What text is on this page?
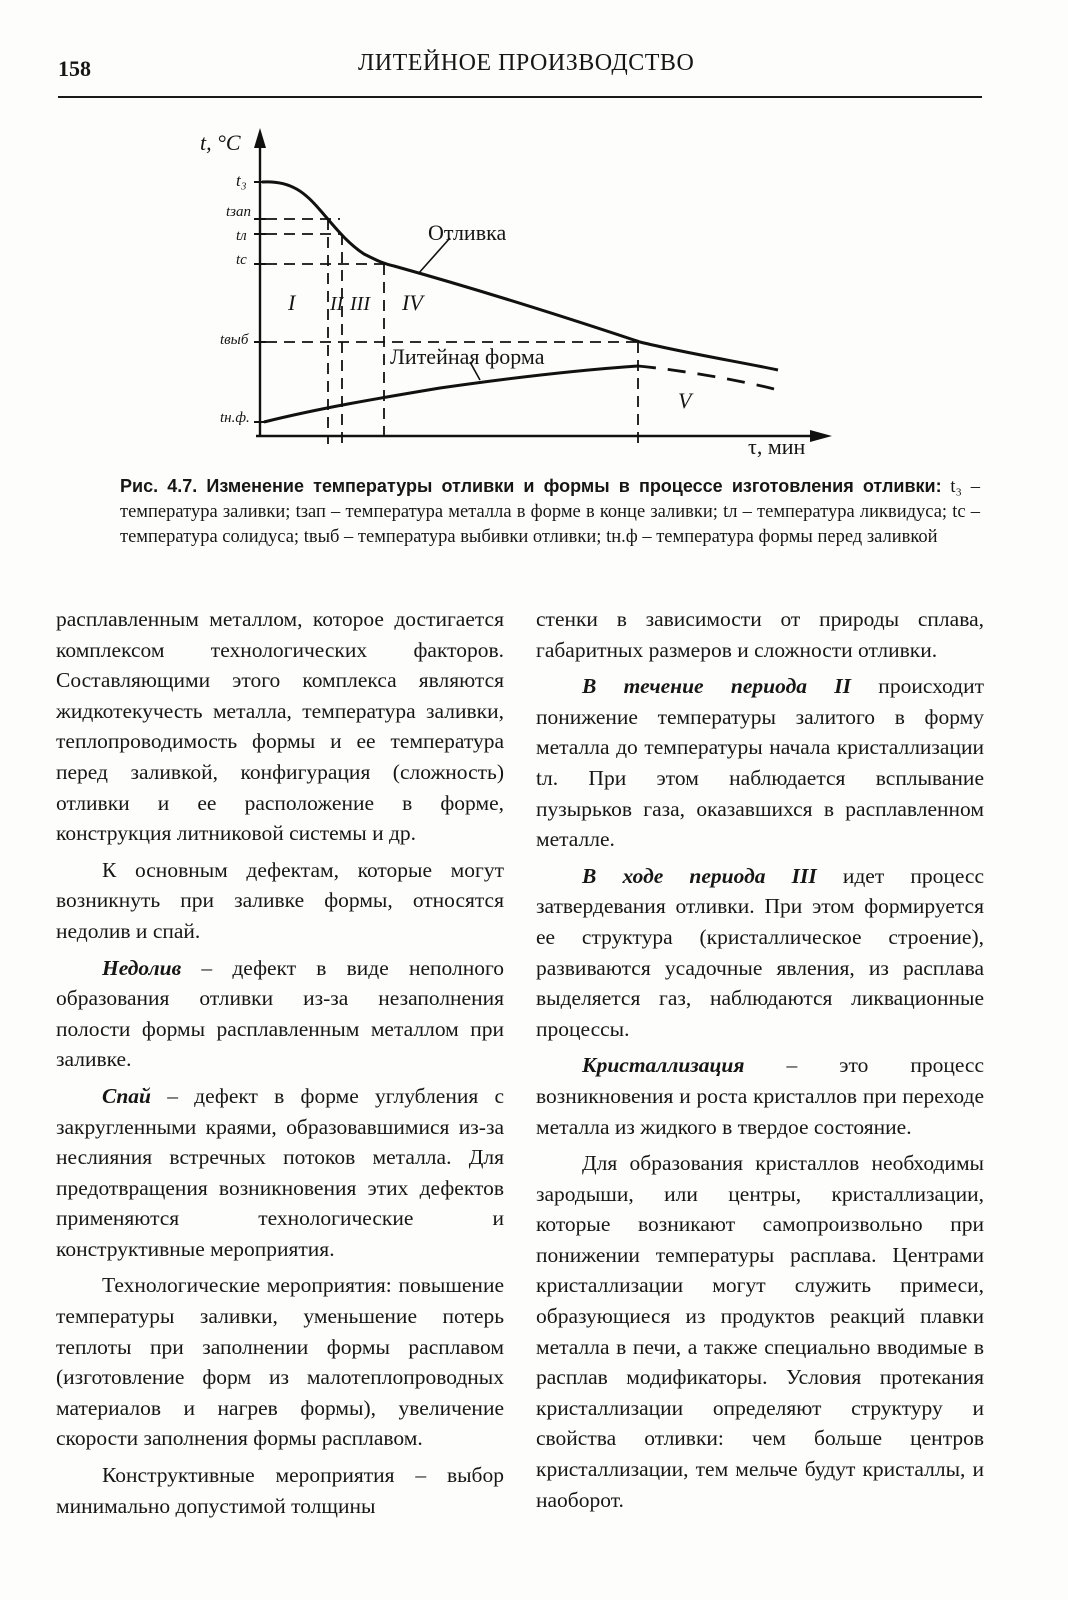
158	ЛИТЕЙНОЕ ПРОИЗВОДСТВО
t, °C
τ, мин
t₃
tзап
tл
tс
tвыб
tн.ф.
I II III IV
V
Отливка
Литейная форма
Рис. 4.7. Изменение температуры отливки и формы в процессе изготовления отливки: t₃ – температура заливки; tзап – температура металла в форме в конце заливки; tл – температура ликвидуса; tс – температура солидуса; tвыб – температура выбивки отливки; tн.ф – температура формы перед заливкой

расплавленным металлом, которое достигается комплексом технологических факторов. Составляющими этого комплекса являются жидкотекучесть металла, температура заливки, теплопроводимость формы и ее температура перед заливкой, конфигурация (сложность) отливки и ее расположение в форме, конструкция литниковой системы и др.

К основным дефектам, которые могут возникнуть при заливке формы, относятся недолив и спай.

Недолив – дефект в виде неполного образования отливки из-за незаполнения полости формы расплавленным металлом при заливке.

Спай – дефект в форме углубления с закругленными краями, образовавшимися из-за неслияния встречных потоков металла. Для предотвращения возникновения этих дефектов применяются технологические и конструктивные мероприятия.

Технологические мероприятия: повышение температуры заливки, уменьшение потерь теплоты при заполнении формы расплавом (изготовление форм из малотеплопроводных материалов и нагрев формы), увеличение скорости заполнения формы расплавом.

Конструктивные мероприятия – выбор минимально допустимой толщины

стенки в зависимости от природы сплава, габаритных размеров и сложности отливки.

В течение периода II происходит понижение температуры залитого в форму металла до температуры начала кристаллизации tл. При этом наблюдается всплывание пузырьков газа, оказавшихся в расплавленном металле.

В ходе периода III идет процесс затвердевания отливки. При этом формируется ее структура (кристаллическое строение), развиваются усадочные явления, из расплава выделяется газ, наблюдаются ликвационные процессы.

Кристаллизация – это процесс возникновения и роста кристаллов при переходе металла из жидкого в твердое состояние.

Для образования кристаллов необходимы зародыши, или центры, кристаллизации, которые возникают самопроизвольно при понижении температуры расплава. Центрами кристаллизации могут служить примеси, образующиеся из продуктов реакций плавки металла в печи, а также специально вводимые в расплав модификаторы. Условия протекания кристаллизации определяют структуру и свойства отливки: чем больше центров кристаллизации, тем мельче будут кристаллы, и наоборот.
